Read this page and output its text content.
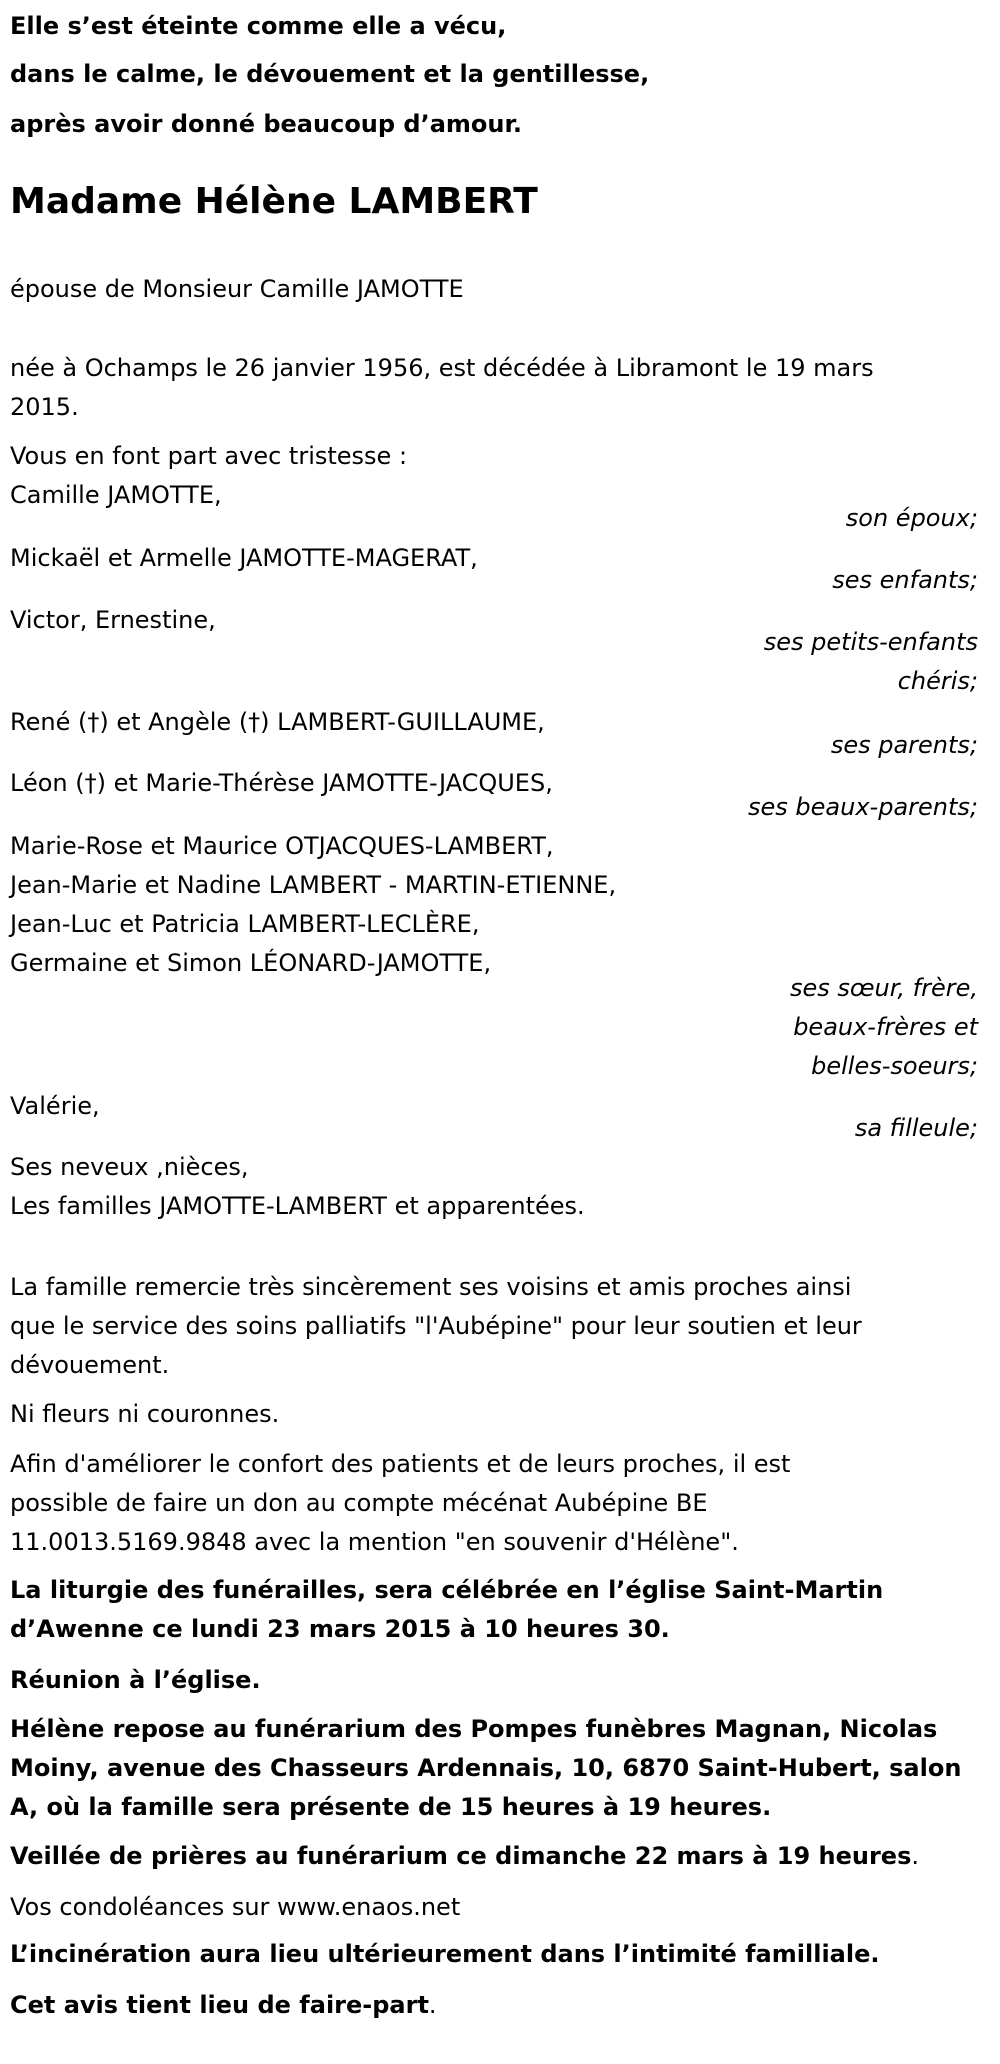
Elle s’est éteinte comme elle a vécu,
dans le calme, le dévouement et la gentillesse,
après avoir donné beaucoup d’amour.
Madame Hélène LAMBERT
épouse de Monsieur Camille JAMOTTE
née à Ochamps le 26 janvier 1956, est décédée à Libramont le 19 mars
2015.
Vous en font part avec tristesse :
Camille JAMOTTE,
son époux;
Mickaël et Armelle JAMOTTE-MAGERAT,
ses enfants;
Victor, Ernestine,
ses petits-enfants
chéris;
René (†) et Angèle (†) LAMBERT-GUILLAUME,
ses parents;
Léon (†) et Marie-Thérèse JAMOTTE-JACQUES,
ses beaux-parents;
Marie-Rose et Maurice OTJACQUES-LAMBERT,
Jean-Marie et Nadine LAMBERT - MARTIN-ETIENNE,
Jean-Luc et Patricia LAMBERT-LECLÈRE,
Germaine et Simon LÉONARD-JAMOTTE,
ses sœur, frère,
beaux-frères et
belles-soeurs;
Valérie,
sa filleule;
Ses neveux ,nièces,
Les familles JAMOTTE-LAMBERT et apparentées.
La famille remercie très sincèrement ses voisins et amis proches ainsi
que le service des soins palliatifs "l'Aubépine" pour leur soutien et leur
dévouement.
Ni fleurs ni couronnes.
Afin d'améliorer le confort des patients et de leurs proches, il est
possible de faire un don au compte mécénat Aubépine BE
11.0013.5169.9848 avec la mention "en souvenir d'Hélène".
La liturgie des funérailles, sera célébrée en l’église Saint-Martin
d’Awenne ce lundi 23 mars 2015 à 10 heures 30.
Réunion à l’église.
Hélène repose au funérarium des Pompes funèbres Magnan, Nicolas
Moiny, avenue des Chasseurs Ardennais, 10, 6870 Saint-Hubert, salon
A, où la famille sera présente de 15 heures à 19 heures.
Veillée de prières au funérarium ce dimanche 22 mars à 19 heures.
Vos condoléances sur www.enaos.net
L’incinération aura lieu ultérieurement dans l’intimité familliale.
Cet avis tient lieu de faire-part.
